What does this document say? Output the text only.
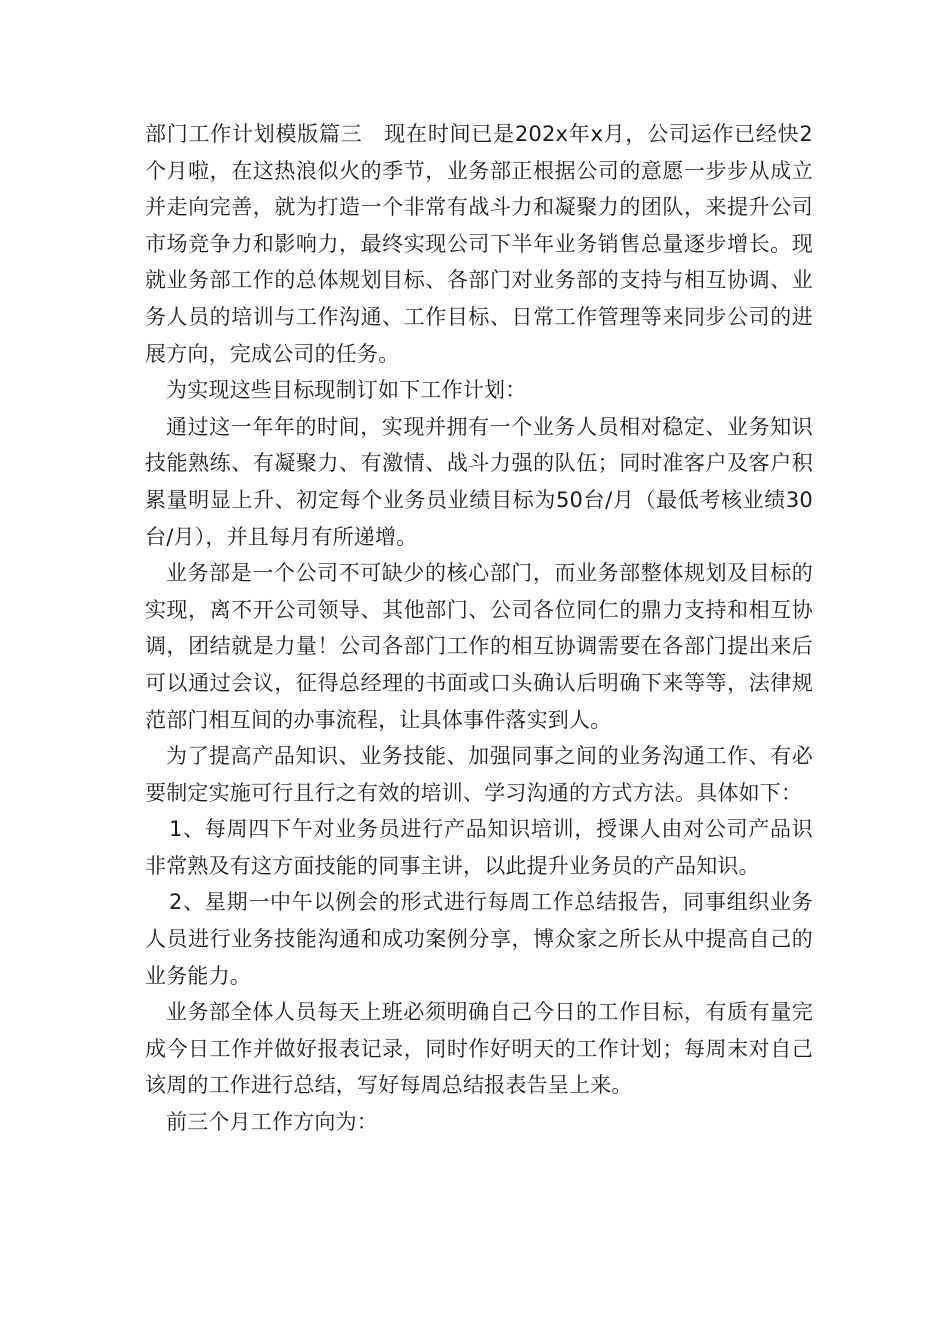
部门工作计划模版篇三　现在时间已是202x年x月，公司运作已经快2个月啦，在这热浪似火的季节，业务部正根据公司的意愿一步步从成立并走向完善，就为打造一个非常有战斗力和凝聚力的团队，来提升公司市场竞争力和影响力，最终实现公司下半年业务销售总量逐步增长。现就业务部工作的总体规划目标、各部门对业务部的支持与相互协调、业务人员的培训与工作沟通、工作目标、日常工作管理等来同步公司的进展方向，完成公司的任务。

为实现这些目标现制订如下工作计划：

通过这一年年的时间，实现并拥有一个业务人员相对稳定、业务知识技能熟练、有凝聚力、有激情、战斗力强的队伍；同时准客户及客户积累量明显上升、初定每个业务员业绩目标为50台/月（最低考核业绩30台/月），并且每月有所递增。

业务部是一个公司不可缺少的核心部门，而业务部整体规划及目标的实现，离不开公司领导、其他部门、公司各位同仁的鼎力支持和相互协调，团结就是力量！公司各部门工作的相互协调需要在各部门提出来后可以通过会议，征得总经理的书面或口头确认后明确下来等等，法律规范部门相互间的办事流程，让具体事件落实到人。

为了提高产品知识、业务技能、加强同事之间的业务沟通工作、有必要制定实施可行且行之有效的培训、学习沟通的方式方法。具体如下：

1、每周四下午对业务员进行产品知识培训，授课人由对公司产品识非常熟及有这方面技能的同事主讲，以此提升业务员的产品知识。

2、星期一中午以例会的形式进行每周工作总结报告，同事组织业务人员进行业务技能沟通和成功案例分享，博众家之所长从中提高自己的业务能力。

业务部全体人员每天上班必须明确自己今日的工作目标，有质有量完成今日工作并做好报表记录，同时作好明天的工作计划；每周末对自己该周的工作进行总结，写好每周总结报表告呈上来。

前三个月工作方向为：
